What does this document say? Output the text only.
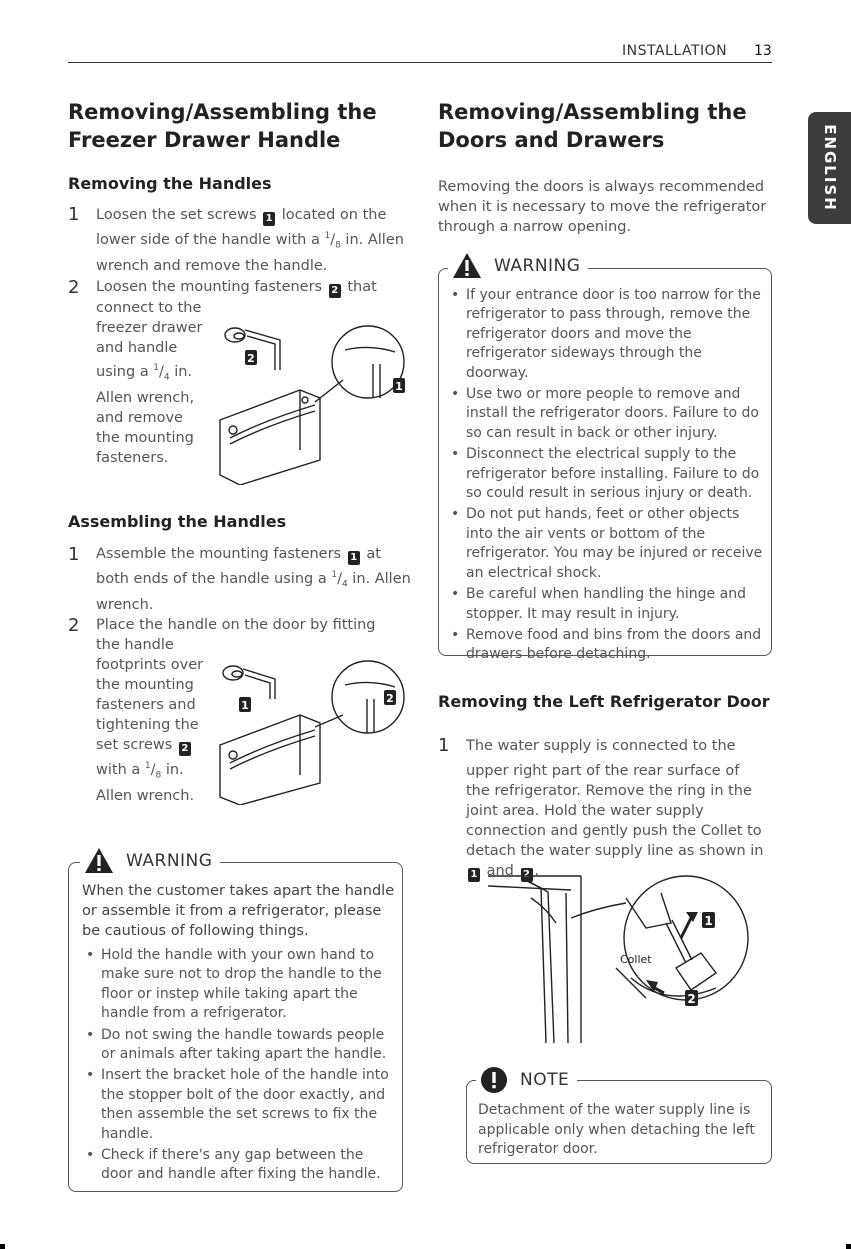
INSTALLATION 13
ENGLISH
Removing/Assembling the
Freezer Drawer Handle
Removing the Handles
1 Loosen the set screws 1 located on the
lower side of the handle with a $^1/_8$ in. Allen
wrench and remove the handle.
2 Loosen the mounting fasteners 2 that
connect to the
freezer drawer
and handle
using a $^1/_4$ in.
Allen wrench,
and remove
the mounting
fasteners.
2
1
Assembling the Handles
1 Assemble the mounting fasteners 1 at
both ends of the handle using a $^1/_4$ in. Allen
wrench.
2 Place the handle on the door by fitting
the handle
footprints over
the mounting
fasteners and
tightening the
set screws 2
with a $^1/_8$ in.
Allen wrench.
1
2
WARNING

When the customer takes apart the handle or assemble it from a refrigerator, please be cautious of following things.

• Hold the handle with your own hand to make sure not to drop the handle to the floor or instep while taking apart the handle from a refrigerator.
• Do not swing the handle towards people or animals after taking apart the handle.
• Insert the bracket hole of the handle into the stopper bolt of the door exactly, and then assemble the set screws to fix the handle.
• Check if there's any gap between the door and handle after fixing the handle.
Removing/Assembling the
Doors and Drawers

Removing the doors is always recommended when it is necessary to move the refrigerator through a narrow opening.

WARNING
• If your entrance door is too narrow for the refrigerator to pass through, remove the refrigerator doors and move the refrigerator sideways through the doorway.
• Use two or more people to remove and install the refrigerator doors. Failure to do so can result in back or other injury.
• Disconnect the electrical supply to the refrigerator before installing. Failure to do so could result in serious injury or death.
• Do not put hands, feet or other objects into the air vents or bottom of the refrigerator. You may be injured or receive an electrical shock.
• Be careful when handling the hinge and stopper. It may result in injury.
• Remove food and bins from the doors and drawers before detaching.
Removing the Left Refrigerator Door
1 The water supply is connected to the
upper right part of the rear surface of the refrigerator. Remove the ring in the joint area. Hold the water supply connection and gently push the Collet to detach the water supply line as shown in 1 and 2 .
1
2
Collet
NOTE

Detachment of the water supply line is applicable only when detaching the left refrigerator door.
